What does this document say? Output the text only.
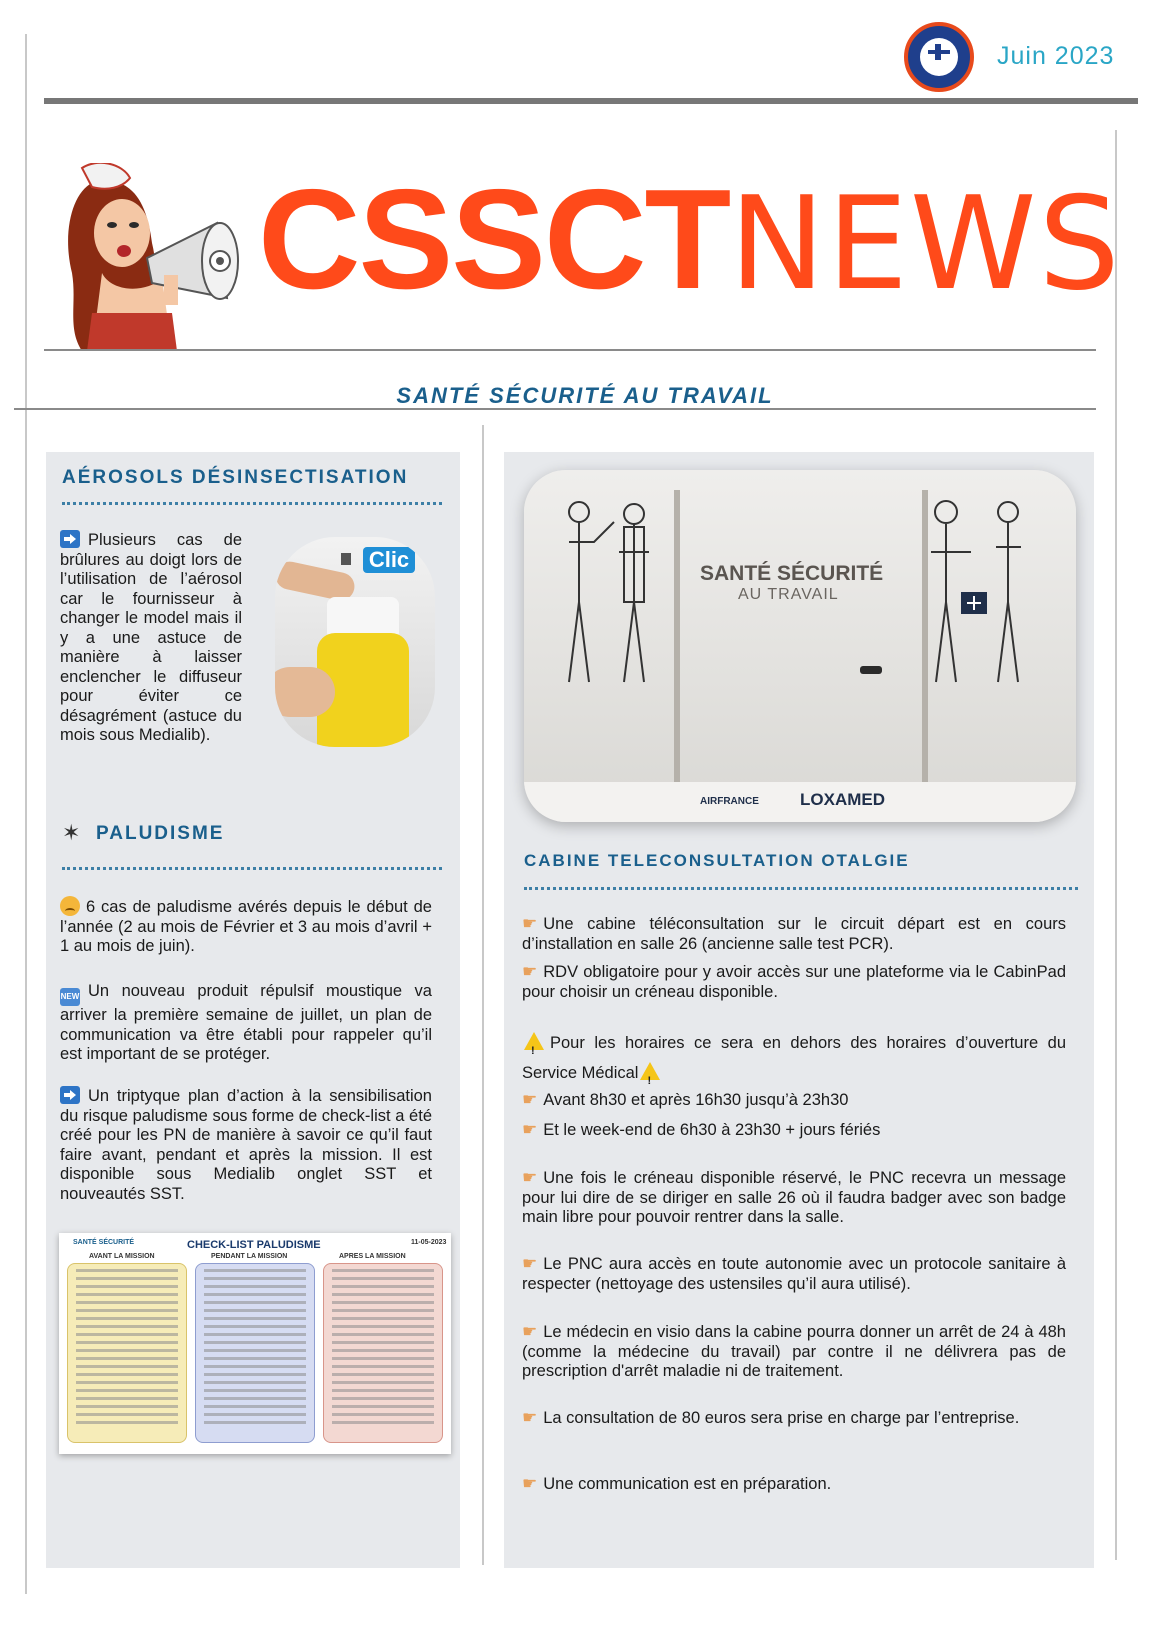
Juin 2023
CSSCTNEWS
SANTÉ SÉCURITÉ AU TRAVAIL
AÉROSOLS DÉSINSECTISATION
Plusieurs cas de brûlures au doigt lors de l’utilisation de l’aérosol car le fournisseur à changer le model mais il y a une astuce de manière à laisser enclencher le diffuseur pour éviter ce désagrément (astuce du mois sous Medialib).
Clic
✶ PALUDISME
6 cas de paludisme avérés depuis le début de l’année (2 au mois de Février et 3 au mois d’avril + 1 au mois de juin).
NEW Un nouveau produit répulsif moustique va arriver la première semaine de juillet, un plan de communication va être établi pour rappeler qu’il est important de se protéger.
Un triptyque plan d’action à la sensibilisation du risque paludisme sous forme de check-list a été créé pour les PN de manière à savoir ce qu’il faut faire avant, pendant et après la mission. Il est disponible sous Medialib onglet SST et nouveautés SST.
SANTÉ SÉCURITÉ	CHECK-LIST PALUDISME	11-05-2023
AVANT LA MISSION	PENDANT LA MISSION	APRES LA MISSION
SANTÉ SÉCURITÉ
AU TRAVAIL
AIRFRANCE LOXAMED
CABINE TELECONSULTATION OTALGIE
☛ Une cabine téléconsultation sur le circuit départ est en cours d’installation en salle 26 (ancienne salle test PCR).
☛ RDV obligatoire pour y avoir accès sur une plateforme via le CabinPad pour choisir un créneau disponible.
!Pour les horaires ce sera en dehors des horaires d’ouverture du Service Médical!
☛ Avant 8h30 et après 16h30 jusqu’à 23h30
☛ Et le week-end de 6h30 à 23h30 + jours fériés
☛ Une fois le créneau disponible réservé, le PNC recevra un message pour lui dire de se diriger en salle 26 où il faudra badger avec son badge main libre pour pouvoir rentrer dans la salle.
☛ Le PNC aura accès en toute autonomie avec un protocole sanitaire à respecter (nettoyage des ustensiles qu’il aura utilisé).
☛ Le médecin en visio dans la cabine pourra donner un arrêt de 24 à 48h (comme la médecine du travail) par contre il ne délivrera pas de prescription d'arrêt maladie ni de traitement.
☛ La consultation de 80 euros sera prise en charge par l’entreprise.
☛ Une communication est en préparation.
